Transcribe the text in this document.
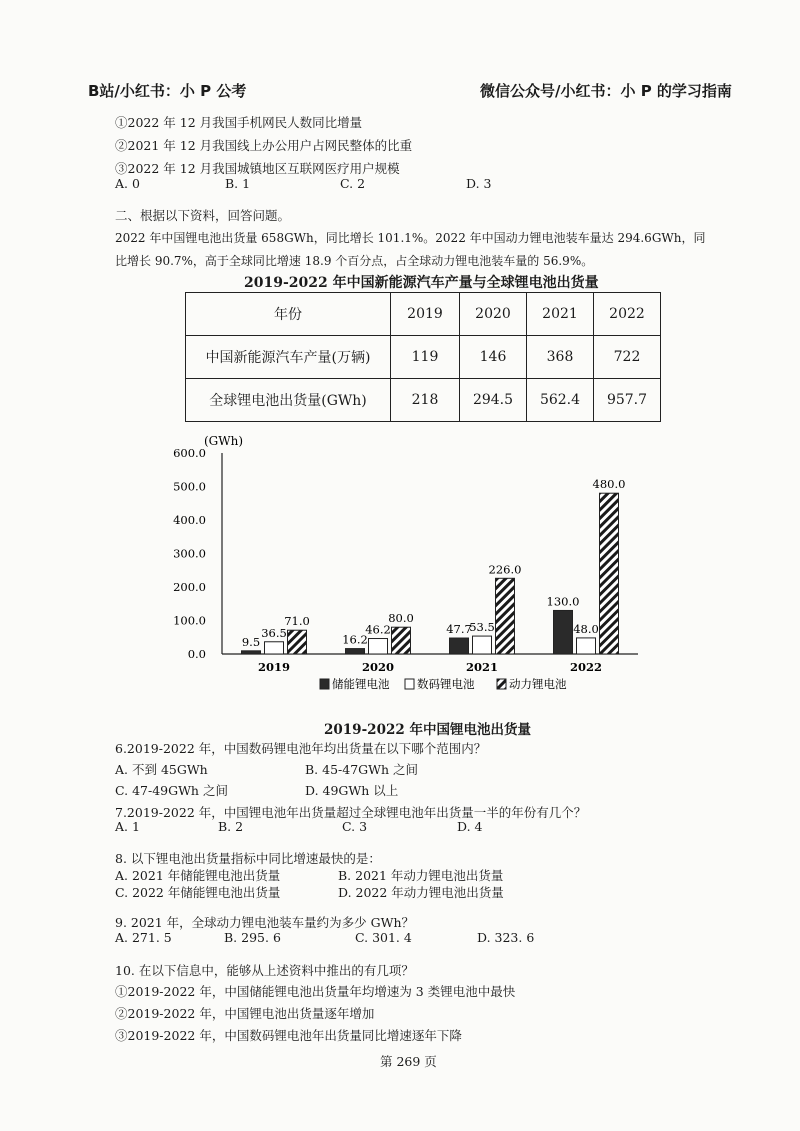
B站/小红书：小 P 公考	微信公众号/小红书：小 P 的学习指南
①2022 年 12 月我国手机网民人数同比增量
②2021 年 12 月我国线上办公用户占网民整体的比重
③2022 年 12 月我国城镇地区互联网医疗用户规模
A. 0	B. 1	C. 2	D. 3
二、根据以下资料，回答问题。
2022 年中国锂电池出货量 658GWh，同比增长 101.1%。2022 年中国动力锂电池装车量达 294.6GWh，同
比增长 90.7%，高于全球同比增速 18.9 个百分点，占全球动力锂电池装车量的 56.9%。
2019-2022 年中国新能源汽车产量与全球锂电池出货量
年份	2019	2020	2021	2022
中国新能源汽车产量(万辆)	119	146	368	722
全球锂电池出货量(GWh)	218	294.5	562.4	957.7
(GWh)
0.0
100.0
200.0
300.0
400.0
500.0
600.0
9.5
36.5
71.0
2019
16.2
46.2
80.0
2020
47.7
53.5
226.0
2021
130.0
48.0
480.0
2022
储能锂电池 数码锂电池	动力锂电池
2019-2022 年中国锂电池出货量
6.2019-2022 年，中国数码锂电池年均出货量在以下哪个范围内？
A. 不到 45GWh	B. 45-47GWh 之间
C. 47-49GWh 之间	D. 49GWh 以上
7.2019-2022 年，中国锂电池年出货量超过全球锂电池年出货量一半的年份有几个？
A. 1	B. 2	C. 3	D. 4
8. 以下锂电池出货量指标中同比增速最快的是：
A. 2021 年储能锂电池出货量	B. 2021 年动力锂电池出货量
C. 2022 年储能锂电池出货量	D. 2022 年动力锂电池出货量
9. 2021 年，全球动力锂电池装车量约为多少 GWh？
A. 271. 5	B. 295. 6	C. 301. 4	D. 323. 6
10. 在以下信息中，能够从上述资料中推出的有几项？
①2019-2022 年，中国储能锂电池出货量年均增速为 3 类锂电池中最快
②2019-2022 年，中国锂电池出货量逐年增加
③2019-2022 年，中国数码锂电池年出货量同比增速逐年下降
第 269 页
